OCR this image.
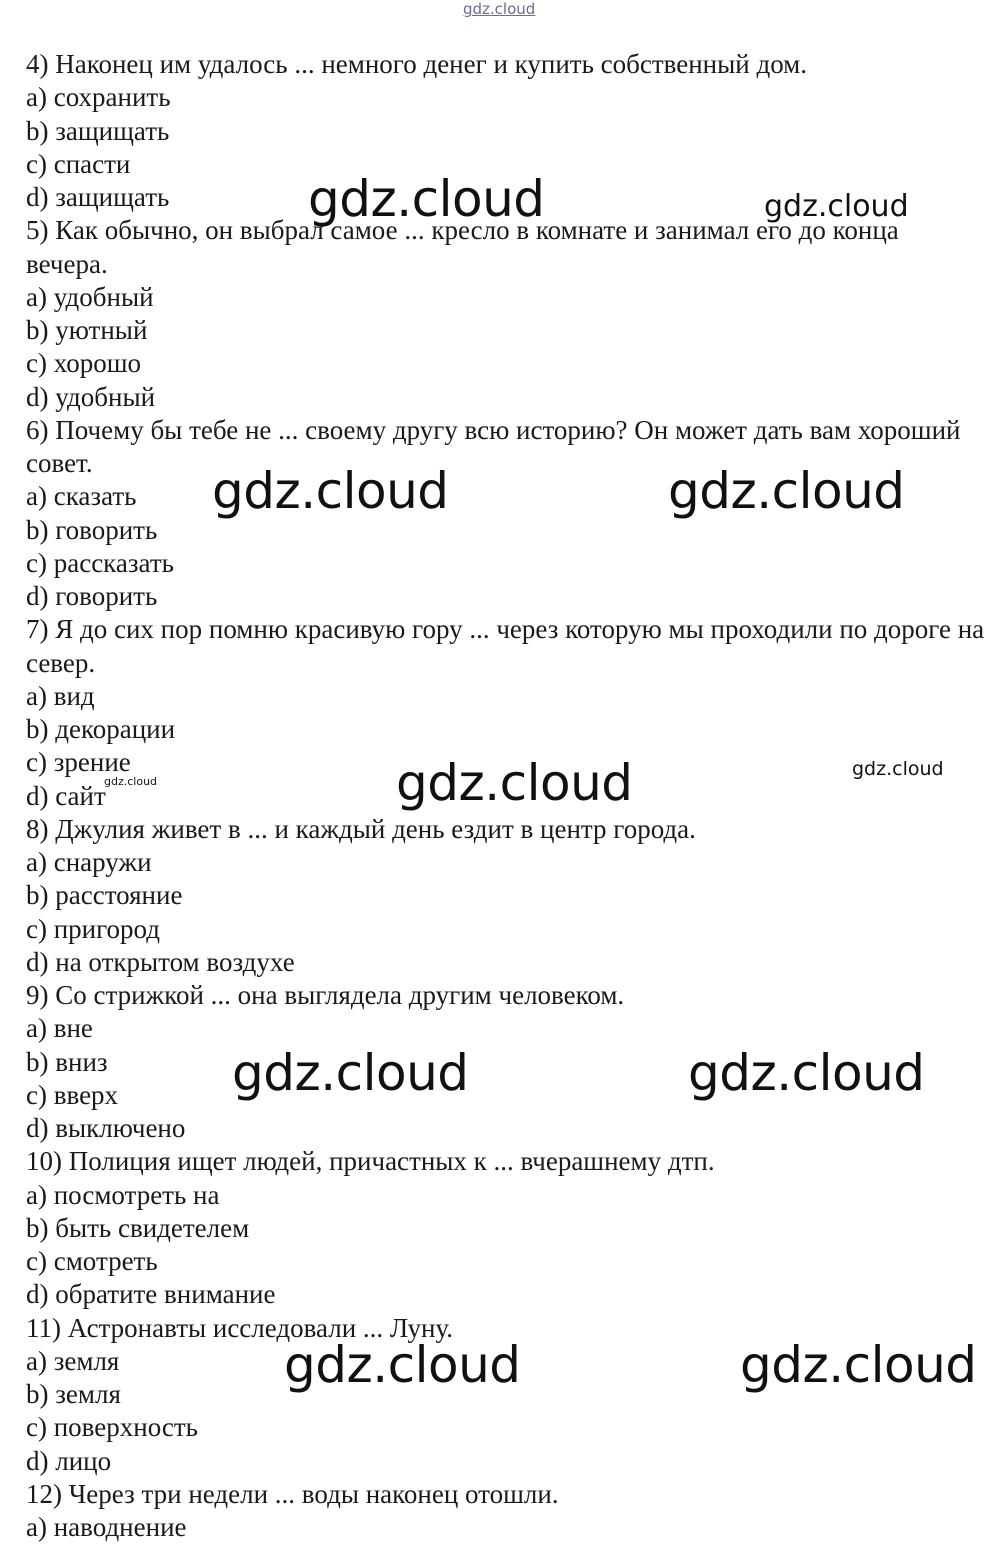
gdz.cloud
gdz.cloud	gdz.cloud
gdz.cloud	gdz.cloud
gdz.cloud	gdz.cloud
gdz.cloud
gdz.cloud	gdz.cloud
gdz.cloud	gdz.cloud

4) Наконец им удалось ... немного денег и купить собственный дом.

a) сохранить

b) защищать

c) спасти

d) защищать

5) Как обычно, он выбрал самое ... кресло в комнате и занимал его до конца вечера.

a) удобный

b) уютный

c) хорошо

d) удобный

6) Почему бы тебе не ... своему другу всю историю? Он может дать вам хороший совет.

a) сказать

b) говорить

c) рассказать

d) говорить

7) Я до сих пор помню красивую гору ... через которую мы проходили по дороге на север.

a) вид

b) декорации

c) зрение

d) сайт

8) Джулия живет в ... и каждый день ездит в центр города.

a) снаружи

b) расстояние

c) пригород

d) на открытом воздухе

9) Со стрижкой ... она выглядела другим человеком.

a) вне

b) вниз

c) вверх

d) выключено

10) Полиция ищет людей, причастных к ... вчерашнему дтп.

a) посмотреть на

b) быть свидетелем

c) смотреть

d) обратите внимание

11) Астронавты исследовали ... Луну.

a) земля

b) земля

c) поверхность

d) лицо

12) Через три недели ... воды наконец отошли.

a) наводнение
